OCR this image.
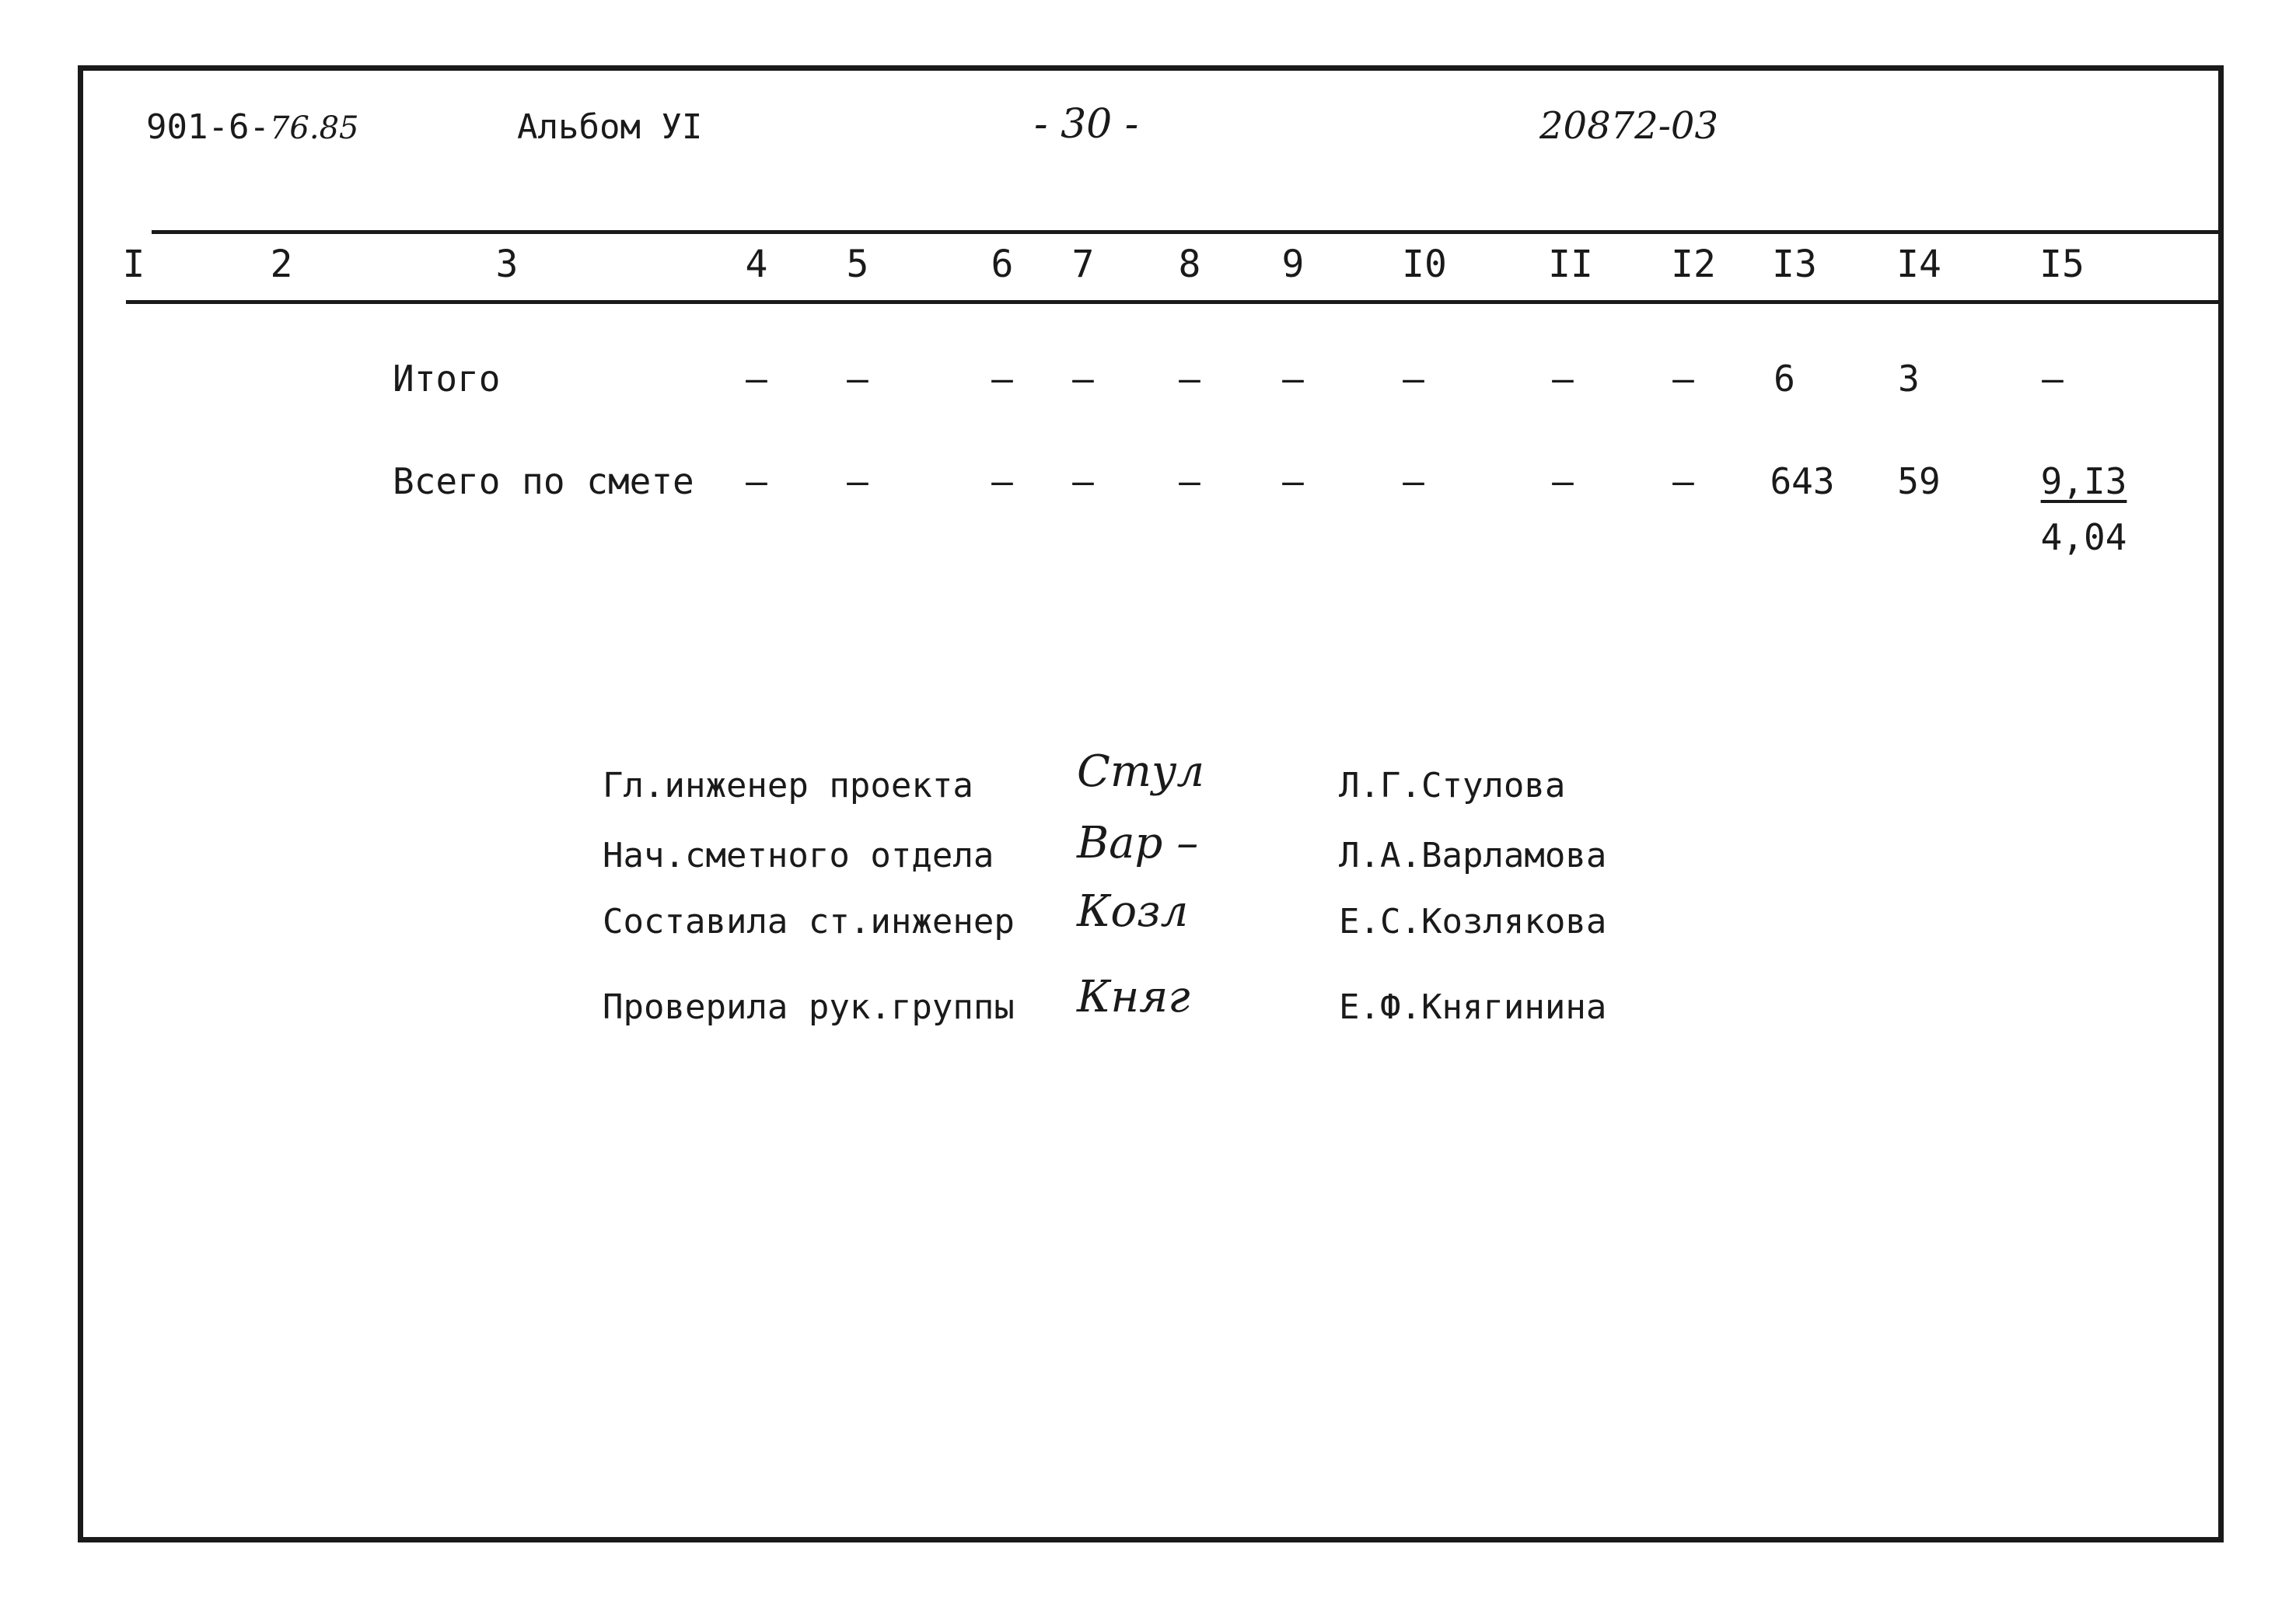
901-6-76.85	Альбом УI	- 30 -	20872-03
I	2	3	4 5	6 7 8 9	I0	II I2 I3 I4	I5
Итого	– –	– – – –	–	–	– 6	3	–
Всего по смете – –	– – – –	–	–	– 643 59	9,I3
4,04
Гл.инженер проекта Стул	Л.Г.Стулова
Нач.сметного отдела Вар –	Л.А.Варламова
Составила ст.инженер Козл	Е.С.Козлякова
Проверила рук.группы Княг	Е.Ф.Княгинина
